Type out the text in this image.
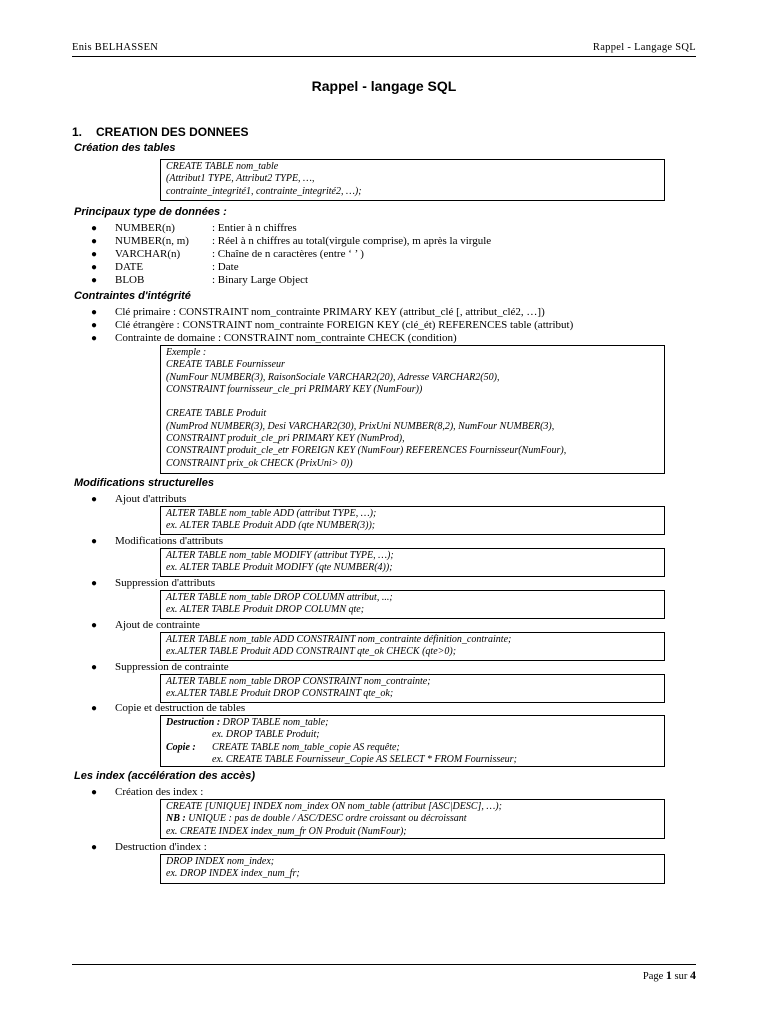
Enis BELHASSEN	Rappel - Langage SQL
Rappel - langage SQL
1. CREATION DES DONNEES
Création des tables
CREATE TABLE nom_table
(Attribut1 TYPE, Attribut2 TYPE, …,
contrainte_integrité1, contrainte_integrité2, …);
Principaux type de données :
● NUMBER(n)	: Entier à n chiffres
● NUMBER(n, m) : Réel à n chiffres au total(virgule comprise), m après la virgule
● VARCHAR(n)	: Chaîne de n caractères (entre ‘ ’ )
● DATE	: Date
● BLOB	: Binary Large Object
Contraintes d'intégrité
● Clé primaire : CONSTRAINT nom_contrainte PRIMARY KEY (attribut_clé [, attribut_clé2, …])
● Clé étrangère : CONSTRAINT nom_contrainte FOREIGN KEY (clé_ét) REFERENCES table (attribut)
● Contrainte de domaine : CONSTRAINT nom_contrainte CHECK (condition)
Exemple :
CREATE TABLE Fournisseur
(NumFour NUMBER(3), RaisonSociale VARCHAR2(20), Adresse VARCHAR2(50),
CONSTRAINT fournisseur_cle_pri PRIMARY KEY (NumFour))
CREATE TABLE Produit
(NumProd NUMBER(3), Desi VARCHAR2(30), PrixUni NUMBER(8,2), NumFour NUMBER(3),
CONSTRAINT produit_cle_pri PRIMARY KEY (NumProd),
CONSTRAINT produit_cle_etr FOREIGN KEY (NumFour) REFERENCES Fournisseur(NumFour),
CONSTRAINT prix_ok CHECK (PrixUni> 0))
Modifications structurelles
● Ajout d'attributs
ALTER TABLE nom_table ADD (attribut TYPE, …);
ex. ALTER TABLE Produit ADD (qte NUMBER(3));
● Modifications d'attributs
ALTER TABLE nom_table MODIFY (attribut TYPE, …);
ex. ALTER TABLE Produit MODIFY (qte NUMBER(4));
● Suppression d'attributs
ALTER TABLE nom_table DROP COLUMN attribut, ...;
ex. ALTER TABLE Produit DROP COLUMN qte;
● Ajout de contrainte
ALTER TABLE nom_table ADD CONSTRAINT nom_contrainte définition_contrainte;
ex.ALTER TABLE Produit ADD CONSTRAINT qte_ok CHECK (qte>0);
● Suppression de contrainte
ALTER TABLE nom_table DROP CONSTRAINT nom_contrainte;
ex.ALTER TABLE Produit DROP CONSTRAINT qte_ok;
● Copie et destruction de tables
Destruction : DROP TABLE nom_table;
ex. DROP TABLE Produit;
Copie : CREATE TABLE nom_table_copie AS requête;
ex. CREATE TABLE Fournisseur_Copie AS SELECT * FROM Fournisseur;
Les index (accélération des accès)
● Création des index :
CREATE [UNIQUE] INDEX nom_index ON nom_table (attribut [ASC|DESC], …);
NB : UNIQUE : pas de double / ASC/DESC ordre croissant ou décroissant
ex. CREATE INDEX index_num_fr ON Produit (NumFour);
● Destruction d'index :
DROP INDEX nom_index;
ex. DROP INDEX index_num_fr;
Page 1 sur 4
